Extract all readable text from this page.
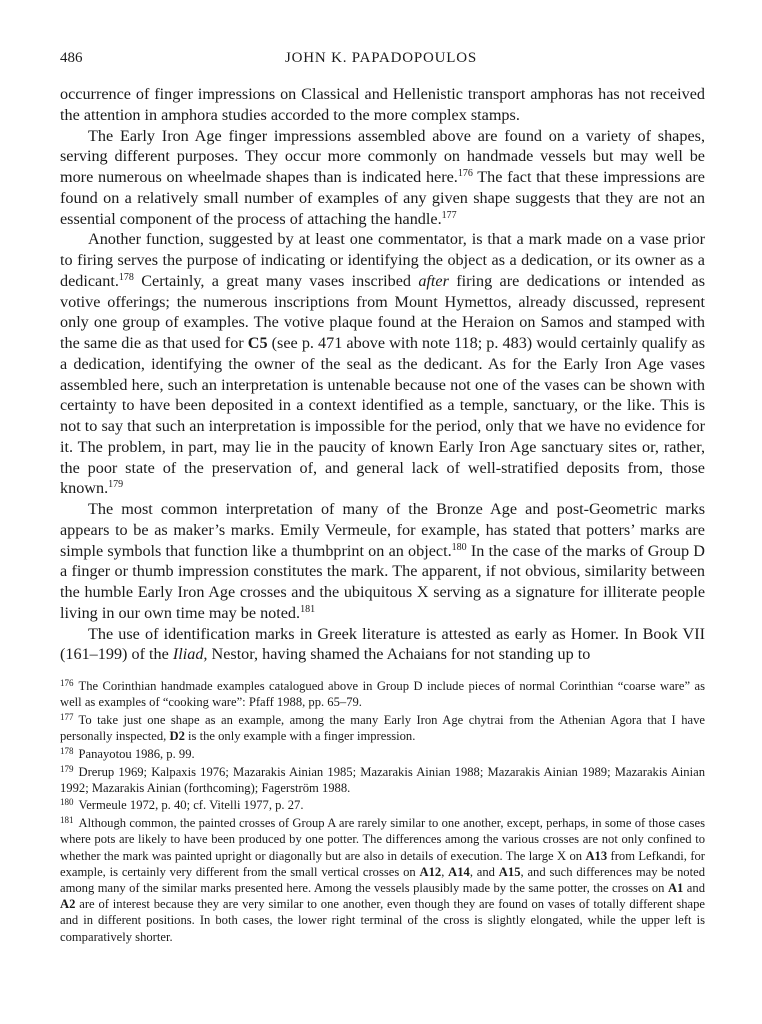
486	JOHN K. PAPADOPOULOS

occurrence of finger impressions on Classical and Hellenistic transport amphoras has not received the attention in amphora studies accorded to the more complex stamps.

The Early Iron Age finger impressions assembled above are found on a variety of shapes, serving different purposes. They occur more commonly on handmade vessels but may well be more numerous on wheelmade shapes than is indicated here.$^{176}$ The fact that these impressions are found on a relatively small number of examples of any given shape suggests that they are not an essential component of the process of attaching the handle.$^{177}$

Another function, suggested by at least one commentator, is that a mark made on a vase prior to firing serves the purpose of indicating or identifying the object as a dedication, or its owner as a dedicant.$^{178}$ Certainly, a great many vases inscribed after firing are dedications or intended as votive offerings; the numerous inscriptions from Mount Hymettos, already discussed, represent only one group of examples. The votive plaque found at the Heraion on Samos and stamped with the same die as that used for C5 (see p. 471 above with note 118; p. 483) would certainly qualify as a dedication, identifying the owner of the seal as the dedicant. As for the Early Iron Age vases assembled here, such an interpretation is untenable because not one of the vases can be shown with certainty to have been deposited in a context identified as a temple, sanctuary, or the like. This is not to say that such an interpretation is impossible for the period, only that we have no evidence for it. The problem, in part, may lie in the paucity of known Early Iron Age sanctuary sites or, rather, the poor state of the preservation of, and general lack of well-stratified deposits from, those known.$^{179}$

The most common interpretation of many of the Bronze Age and post-Geometric marks appears to be as maker’s marks. Emily Vermeule, for example, has stated that potters’ marks are simple symbols that function like a thumbprint on an object.$^{180}$ In the case of the marks of Group D a finger or thumb impression constitutes the mark. The apparent, if not obvious, similarity between the humble Early Iron Age crosses and the ubiquitous X serving as a signature for illiterate people living in our own time may be noted.$^{181}$

The use of identification marks in Greek literature is attested as early as Homer. In Book VII (161–199) of the Iliad, Nestor, having shamed the Achaians for not standing up to

$^{176}$ The Corinthian handmade examples catalogued above in Group D include pieces of normal Corinthian “coarse ware” as well as examples of “cooking ware”: Pfaff 1988, pp. 65–79.

$^{177}$ To take just one shape as an example, among the many Early Iron Age chytrai from the Athenian Agora that I have personally inspected, D2 is the only example with a finger impression.

$^{178}$ Panayotou 1986, p. 99.

$^{179}$ Drerup 1969; Kalpaxis 1976; Mazarakis Ainian 1985; Mazarakis Ainian 1988; Mazarakis Ainian 1989; Mazarakis Ainian 1992; Mazarakis Ainian (forthcoming); Fagerström 1988.

$^{180}$ Vermeule 1972, p. 40; cf. Vitelli 1977, p. 27.

$^{181}$ Although common, the painted crosses of Group A are rarely similar to one another, except, perhaps, in some of those cases where pots are likely to have been produced by one potter. The differences among the various crosses are not only confined to whether the mark was painted upright or diagonally but are also in details of execution. The large X on A13 from Lefkandi, for example, is certainly very different from the small vertical crosses on A12, A14, and A15, and such differences may be noted among many of the similar marks presented here. Among the vessels plausibly made by the same potter, the crosses on A1 and A2 are of interest because they are very similar to one another, even though they are found on vases of totally different shape and in different positions. In both cases, the lower right terminal of the cross is slightly elongated, while the upper left is comparatively shorter.
